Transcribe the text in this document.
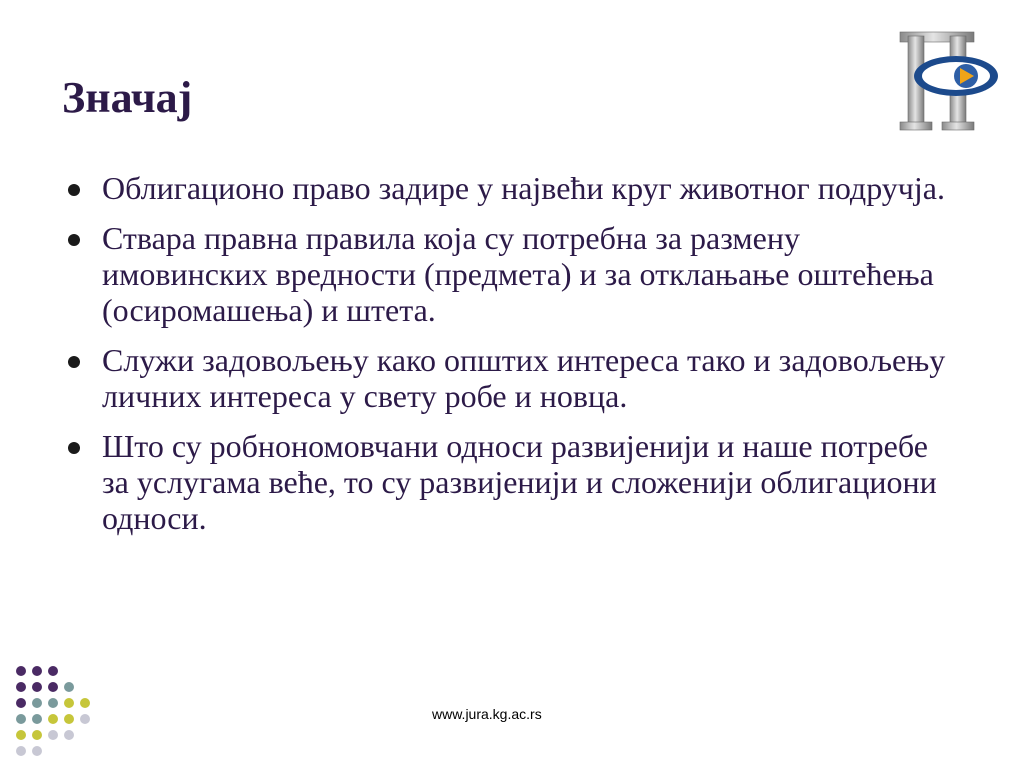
Значај
Облигационо право задире у највећи круг животног подручја.
Ствара правна правила која су потребна за размену имовинских вредности (предмета) и за отклањање оштећења (осиромашења) и штета.
Служи задовољењу како општих интереса тако и задовољењу личних интереса у свету робе и новца.
Што су робнономовчани односи развијенији и наше потребе за услугама веће, то су развијенији и сложенији облигациони односи.
www.jura.kg.ac.rs
